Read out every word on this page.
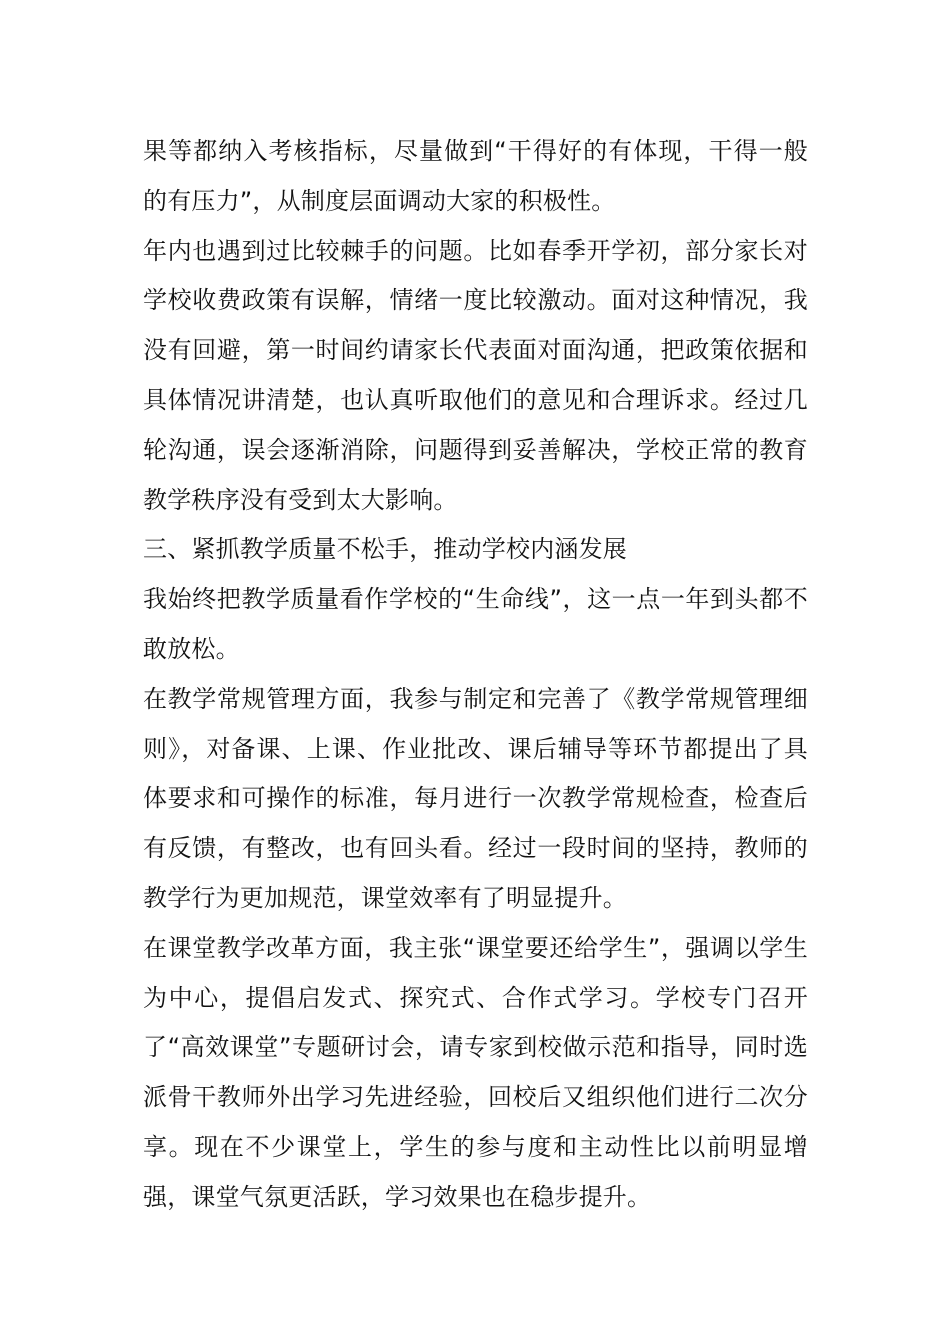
果等都纳入考核指标，尽量做到“干得好的有体现，干得一般的有压力”，从制度层面调动大家的积极性。

年内也遇到过比较棘手的问题。比如春季开学初，部分家长对学校收费政策有误解，情绪一度比较激动。面对这种情况，我没有回避，第一时间约请家长代表面对面沟通，把政策依据和具体情况讲清楚，也认真听取他们的意见和合理诉求。经过几轮沟通，误会逐渐消除，问题得到妥善解决，学校正常的教育教学秩序没有受到太大影响。

三、紧抓教学质量不松手，推动学校内涵发展

我始终把教学质量看作学校的“生命线”，这一点一年到头都不敢放松。

在教学常规管理方面，我参与制定和完善了《教学常规管理细则》，对备课、上课、作业批改、课后辅导等环节都提出了具体要求和可操作的标准，每月进行一次教学常规检查，检查后有反馈，有整改，也有回头看。经过一段时间的坚持，教师的教学行为更加规范，课堂效率有了明显提升。

在课堂教学改革方面，我主张“课堂要还给学生”，强调以学生为中心，提倡启发式、探究式、合作式学习。学校专门召开了“高效课堂”专题研讨会，请专家到校做示范和指导，同时选派骨干教师外出学习先进经验，回校后又组织他们进行二次分享。现在不少课堂上，学生的参与度和主动性比以前明显增强，课堂气氛更活跃，学习效果也在稳步提升。
